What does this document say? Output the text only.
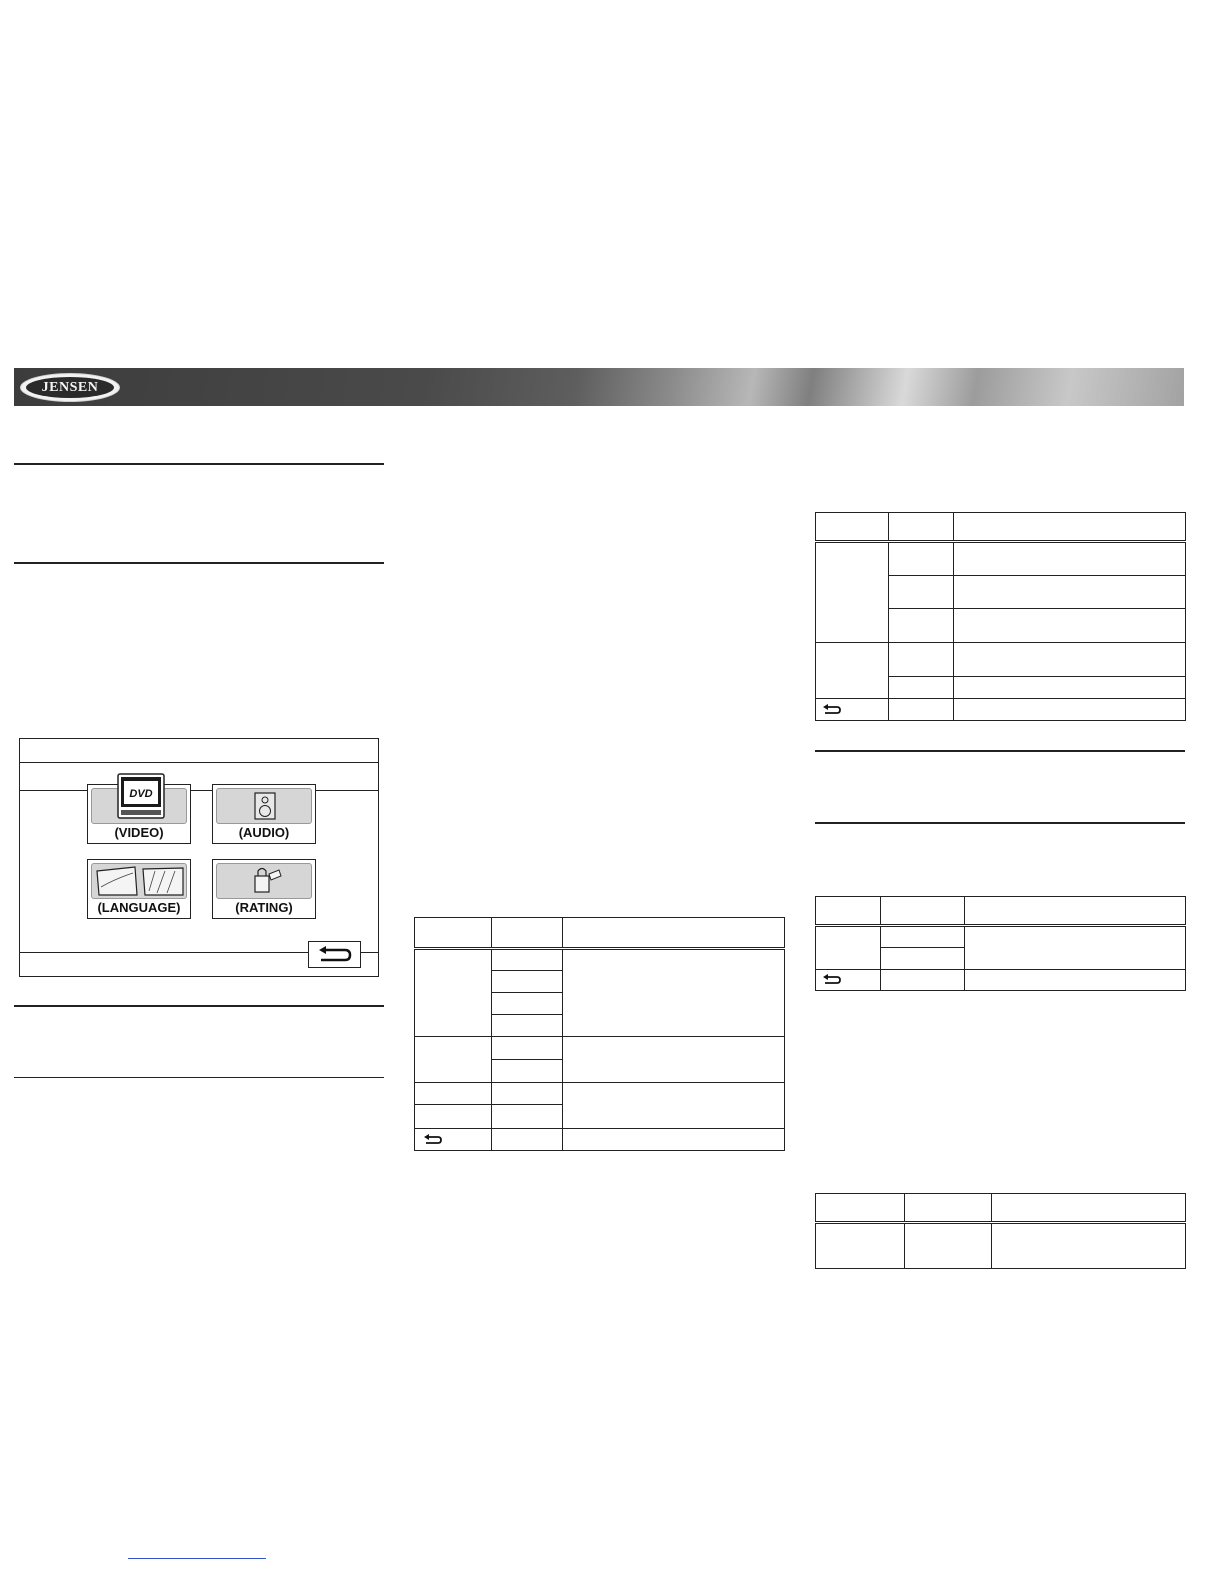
JENSEN
DVD
(VIDEO)	(AUDIO)
(LANGUAGE)	(RATING)
